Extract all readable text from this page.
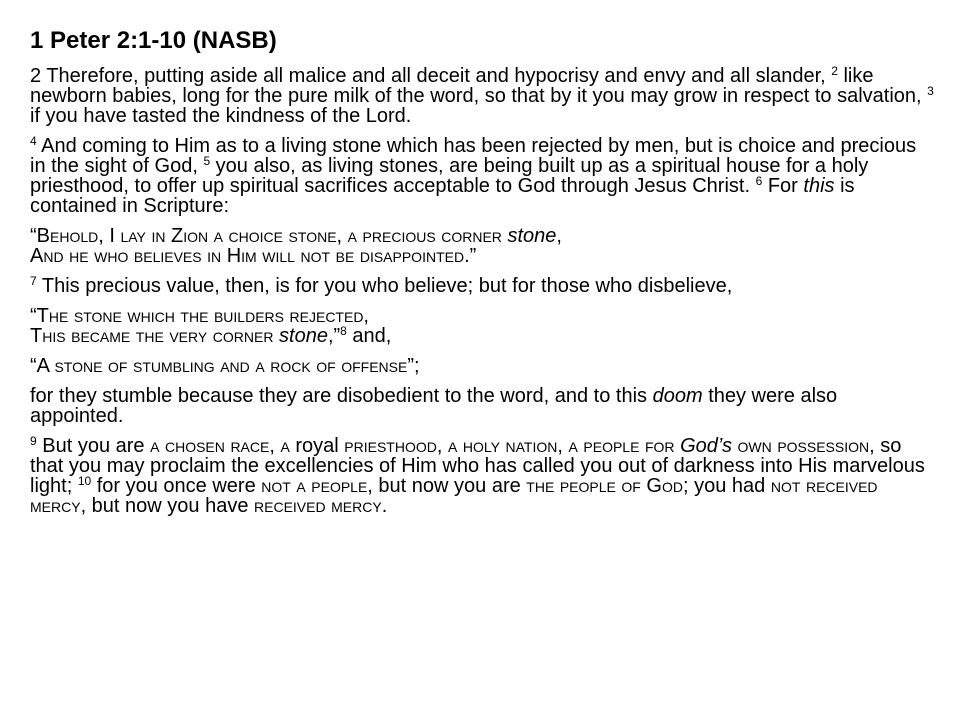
1 Peter 2:1-10 (NASB)

2 Therefore, putting aside all malice and all deceit and hypocrisy and envy and all slander, $^2$ like newborn babies, long for the pure milk of the word, so that by it you may grow in respect to salvation, $^3$ if you have tasted the kindness of the Lord.

$^4$ And coming to Him as to a living stone which has been rejected by men, but is choice and precious in the sight of God, $^5$ you also, as living stones, are being built up as a spiritual house for a holy priesthood, to offer up spiritual sacrifices acceptable to God through Jesus Christ. $^6$ For this is contained in Scripture:

“Behold, I lay in Zion a choice stone, a precious corner stone,
And he who believes in Him will not be disappointed.”

$^7$ This precious value, then, is for you who believe; but for those who disbelieve,

“The stone which the builders rejected,
This became the very corner stone,”$^8$ and,

“A stone of stumbling and a rock of offense”;

for they stumble because they are disobedient to the word, and to this doom they were also appointed.

$^9$ But you are a chosen race, a royal priesthood, a holy nation, a people for God’s own possession, so that you may proclaim the excellencies of Him who has called you out of darkness into His marvelous light; $^{10}$ for you once were not a people, but now you are the people of God; you had not received mercy, but now you have received mercy.
